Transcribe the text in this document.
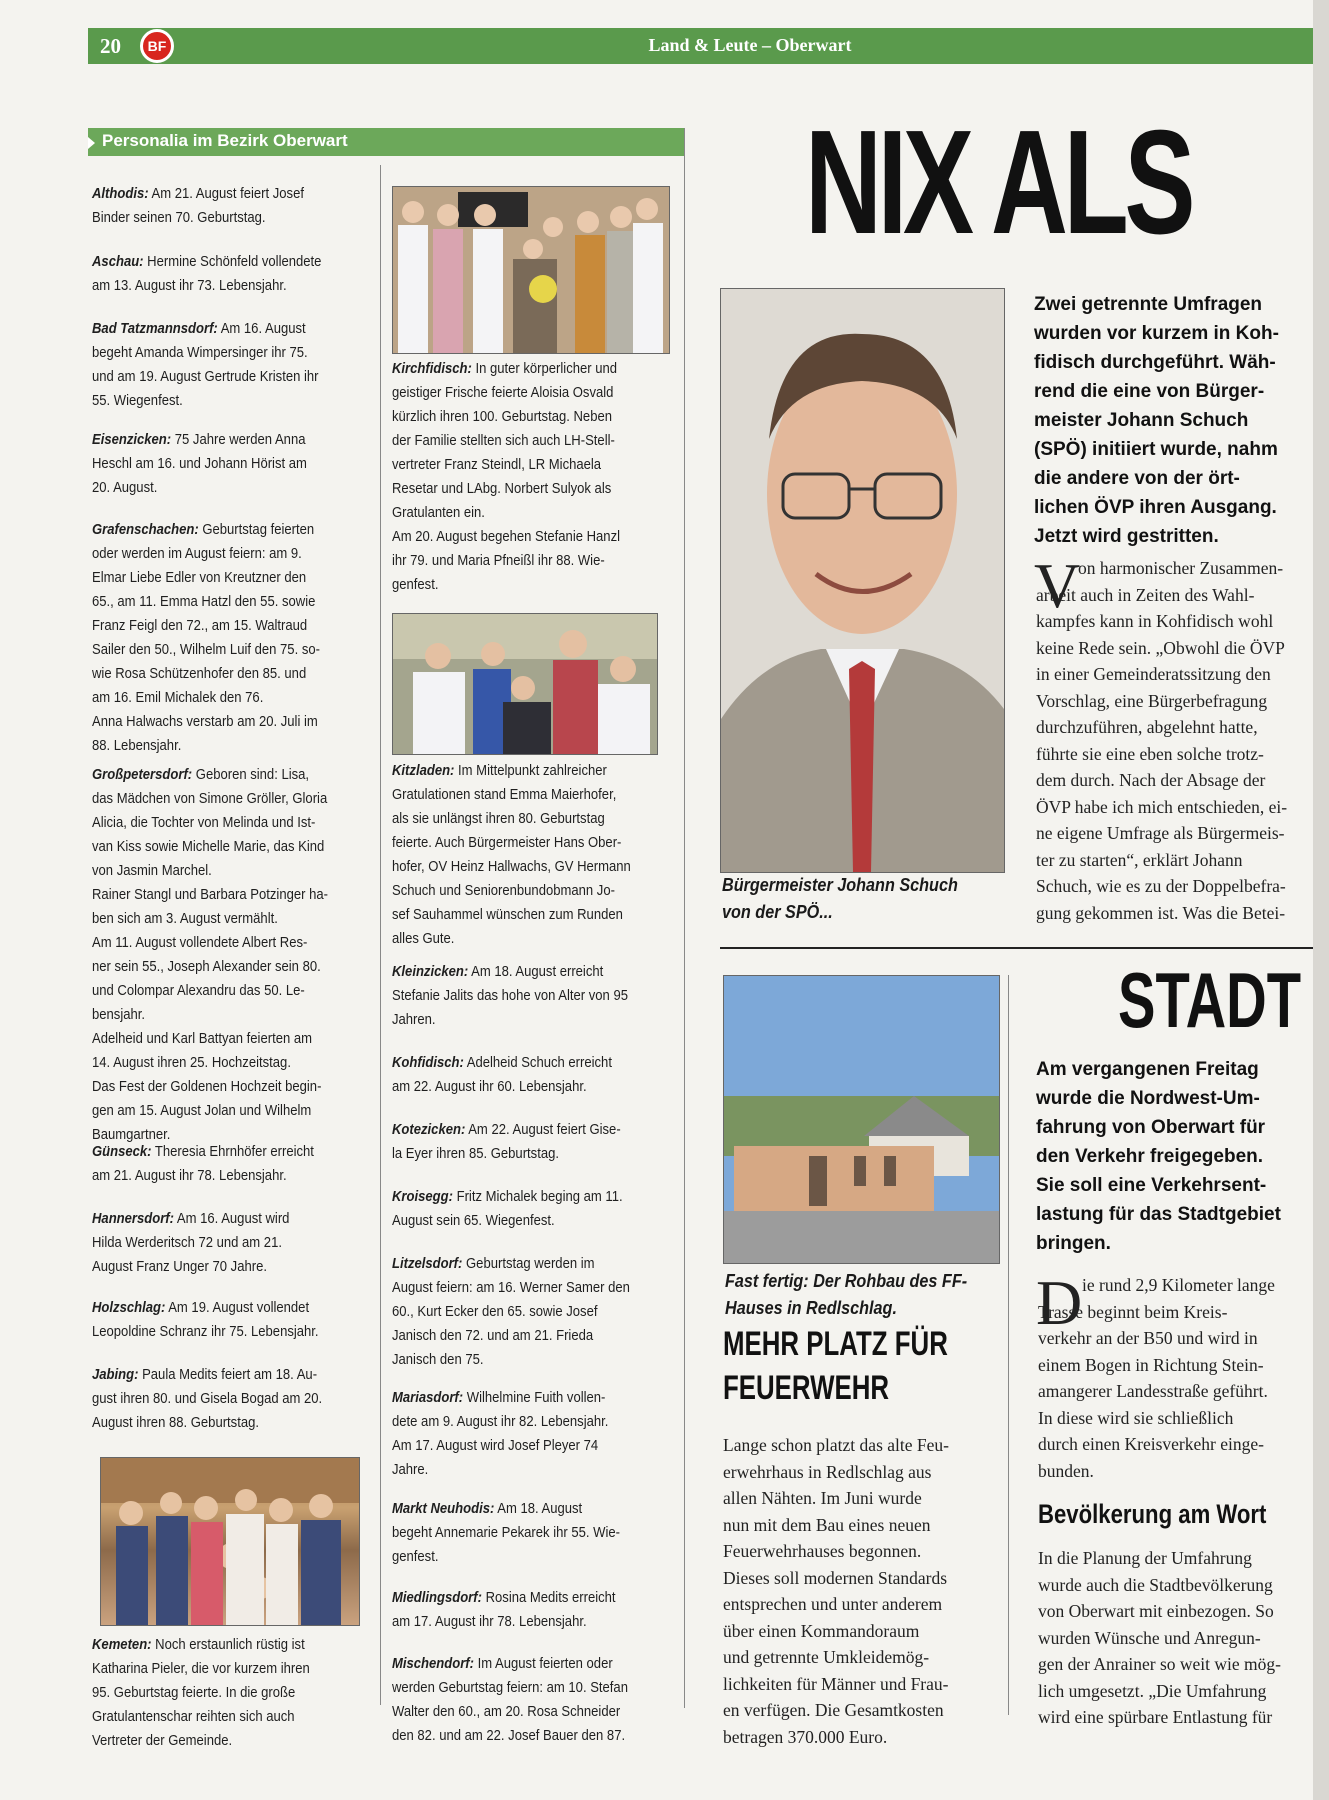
20	BF	Land & Leute – Oberwart
Personalia im Bezirk Oberwart
Althodis: Am 21. August feiert Josef
Binder seinen 70. Geburtstag.
Aschau: Hermine Schönfeld vollendete
am 13. August ihr 73. Lebensjahr.
Bad Tatzmannsdorf: Am 16. August
begeht Amanda Wimpersinger ihr 75.
und am 19. August Gertrude Kristen ihr
55. Wiegenfest.
Eisenzicken: 75 Jahre werden Anna
Heschl am 16. und Johann Hörist am
20. August.
Grafenschachen: Geburtstag feierten
oder werden im August feiern: am 9.
Elmar Liebe Edler von Kreutzner den
65., am 11. Emma Hatzl den 55. sowie
Franz Feigl den 72., am 15. Waltraud
Sailer den 50., Wilhelm Luif den 75. so-
wie Rosa Schützenhofer den 85. und
am 16. Emil Michalek den 76.
Anna Halwachs verstarb am 20. Juli im
88. Lebensjahr.
Großpetersdorf: Geboren sind: Lisa,
das Mädchen von Simone Gröller, Gloria
Alicia, die Tochter von Melinda und Ist-
van Kiss sowie Michelle Marie, das Kind
von Jasmin Marchel.
Rainer Stangl und Barbara Potzinger ha-
ben sich am 3. August vermählt.
Am 11. August vollendete Albert Res-
ner sein 55., Joseph Alexander sein 80.
und Colompar Alexandru das 50. Le-
bensjahr.
Adelheid und Karl Battyan feierten am
14. August ihren 25. Hochzeitstag.
Das Fest der Goldenen Hochzeit begin-
gen am 15. August Jolan und Wilhelm
Baumgartner.
Günseck: Theresia Ehrnhöfer erreicht
am 21. August ihr 78. Lebensjahr.
Hannersdorf: Am 16. August wird
Hilda Werderitsch 72 und am 21.
August Franz Unger 70 Jahre.
Holzschlag: Am 19. August vollendet
Leopoldine Schranz ihr 75. Lebensjahr.
Jabing: Paula Medits feiert am 18. Au-
gust ihren 80. und Gisela Bogad am 20.
August ihren 88. Geburtstag.
Kemeten: Noch erstaunlich rüstig ist
Katharina Pieler, die vor kurzem ihren
95. Geburtstag feierte. In die große
Gratulantenschar reihten sich auch
Vertreter der Gemeinde.
Kirchfidisch: In guter körperlicher und
geistiger Frische feierte Aloisia Osvald
kürzlich ihren 100. Geburtstag. Neben
der Familie stellten sich auch LH-Stell-
vertreter Franz Steindl, LR Michaela
Resetar und LAbg. Norbert Sulyok als
Gratulanten ein.
Am 20. August begehen Stefanie Hanzl
ihr 79. und Maria Pfneißl ihr 88. Wie-
genfest.
Kitzladen: Im Mittelpunkt zahlreicher
Gratulationen stand Emma Maierhofer,
als sie unlängst ihren 80. Geburtstag
feierte. Auch Bürgermeister Hans Ober-
hofer, OV Heinz Hallwachs, GV Hermann
Schuch und Seniorenbundobmann Jo-
sef Sauhammel wünschen zum Runden
alles Gute.
Kleinzicken: Am 18. August erreicht
Stefanie Jalits das hohe von Alter von 95
Jahren.
Kohfidisch: Adelheid Schuch erreicht
am 22. August ihr 60. Lebensjahr.
Kotezicken: Am 22. August feiert Gise-
la Eyer ihren 85. Geburtstag.
Kroisegg: Fritz Michalek beging am 11.
August sein 65. Wiegenfest.
Litzelsdorf: Geburtstag werden im
August feiern: am 16. Werner Samer den
60., Kurt Ecker den 65. sowie Josef
Janisch den 72. und am 21. Frieda
Janisch den 75.
Mariasdorf: Wilhelmine Fuith vollen-
dete am 9. August ihr 82. Lebensjahr.
Am 17. August wird Josef Pleyer 74
Jahre.
Markt Neuhodis: Am 18. August
begeht Annemarie Pekarek ihr 55. Wie-
genfest.
Miedlingsdorf: Rosina Medits erreicht
am 17. August ihr 78. Lebensjahr.
Mischendorf: Im August feierten oder
werden Geburtstag feiern: am 10. Stefan
Walter den 60., am 20. Rosa Schneider
den 82. und am 22. Josef Bauer den 87.
NIX ALS
Bürgermeister Johann Schuch
von der SPÖ...
Zwei getrennte Umfragen
wurden vor kurzem in Koh-
fidisch durchgeführt. Wäh-
rend die eine von Bürger-
meister Johann Schuch
(SPÖ) initiiert wurde, nahm
die andere von der ört-
lichen ÖVP ihren Ausgang.
Jetzt wird gestritten.
V
on harmonischer Zusammen-
arbeit auch in Zeiten des Wahl-
kampfes kann in Kohfidisch wohl
keine Rede sein. „Obwohl die ÖVP
in einer Gemeinderatssitzung den
Vorschlag, eine Bürgerbefragung
durchzuführen, abgelehnt hatte,
führte sie eine eben solche trotz-
dem durch. Nach der Absage der
ÖVP habe ich mich entschieden, ei-
ne eigene Umfrage als Bürgermeis-
ter zu starten“, erklärt Johann
Schuch, wie es zu der Doppelbefra-
gung gekommen ist. Was die Betei-
Fast fertig: Der Rohbau des FF-
Hauses in Redlschlag.
MEHR PLATZ FÜR
FEUERWEHR
Lange schon platzt das alte Feu-
erwehrhaus in Redlschlag aus
allen Nähten. Im Juni wurde
nun mit dem Bau eines neuen
Feuerwehrhauses begonnen.
Dieses soll modernen Standards
entsprechen und unter anderem
über einen Kommandoraum
und getrennte Umkleidemög-
lichkeiten für Männer und Frau-
en verfügen. Die Gesamtkosten
betragen 370.000 Euro.
STADT
Am vergangenen Freitag
wurde die Nordwest-Um-
fahrung von Oberwart für
den Verkehr freigegeben.
Sie soll eine Verkehrsent-
lastung für das Stadtgebiet
bringen.
D ie rund 2,9 Kilometer lange
Trasse beginnt beim Kreis-
verkehr an der B50 und wird in
einem Bogen in Richtung Stein-
amangerer Landesstraße geführt.
In diese wird sie schließlich
durch einen Kreisverkehr einge-
bunden.
Bevölkerung am Wort
In die Planung der Umfahrung
wurde auch die Stadtbevölkerung
von Oberwart mit einbezogen. So
wurden Wünsche und Anregun-
gen der Anrainer so weit wie mög-
lich umgesetzt. „Die Umfahrung
wird eine spürbare Entlastung für
